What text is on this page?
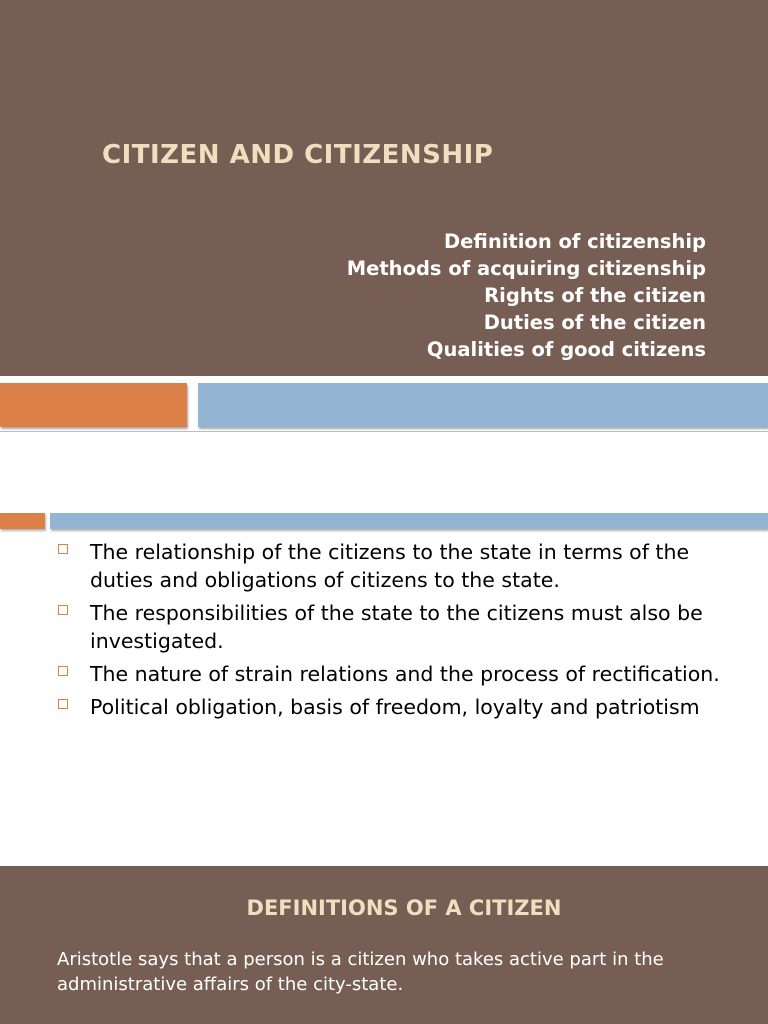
CITIZEN AND CITIZENSHIP
Definition of citizenship
Methods of acquiring citizenship
Rights of the citizen
Duties of the citizen
Qualities of good citizens
The relationship of the citizens to the state in terms of the duties and obligations of citizens to the state.
The responsibilities of the state to the citizens must also be investigated.
The nature of strain relations and the process of rectification.
Political obligation, basis of freedom, loyalty and patriotism
DEFINITIONS OF A CITIZEN

Aristotle says that a person is a citizen who takes active part in the administrative affairs of the city-state.
